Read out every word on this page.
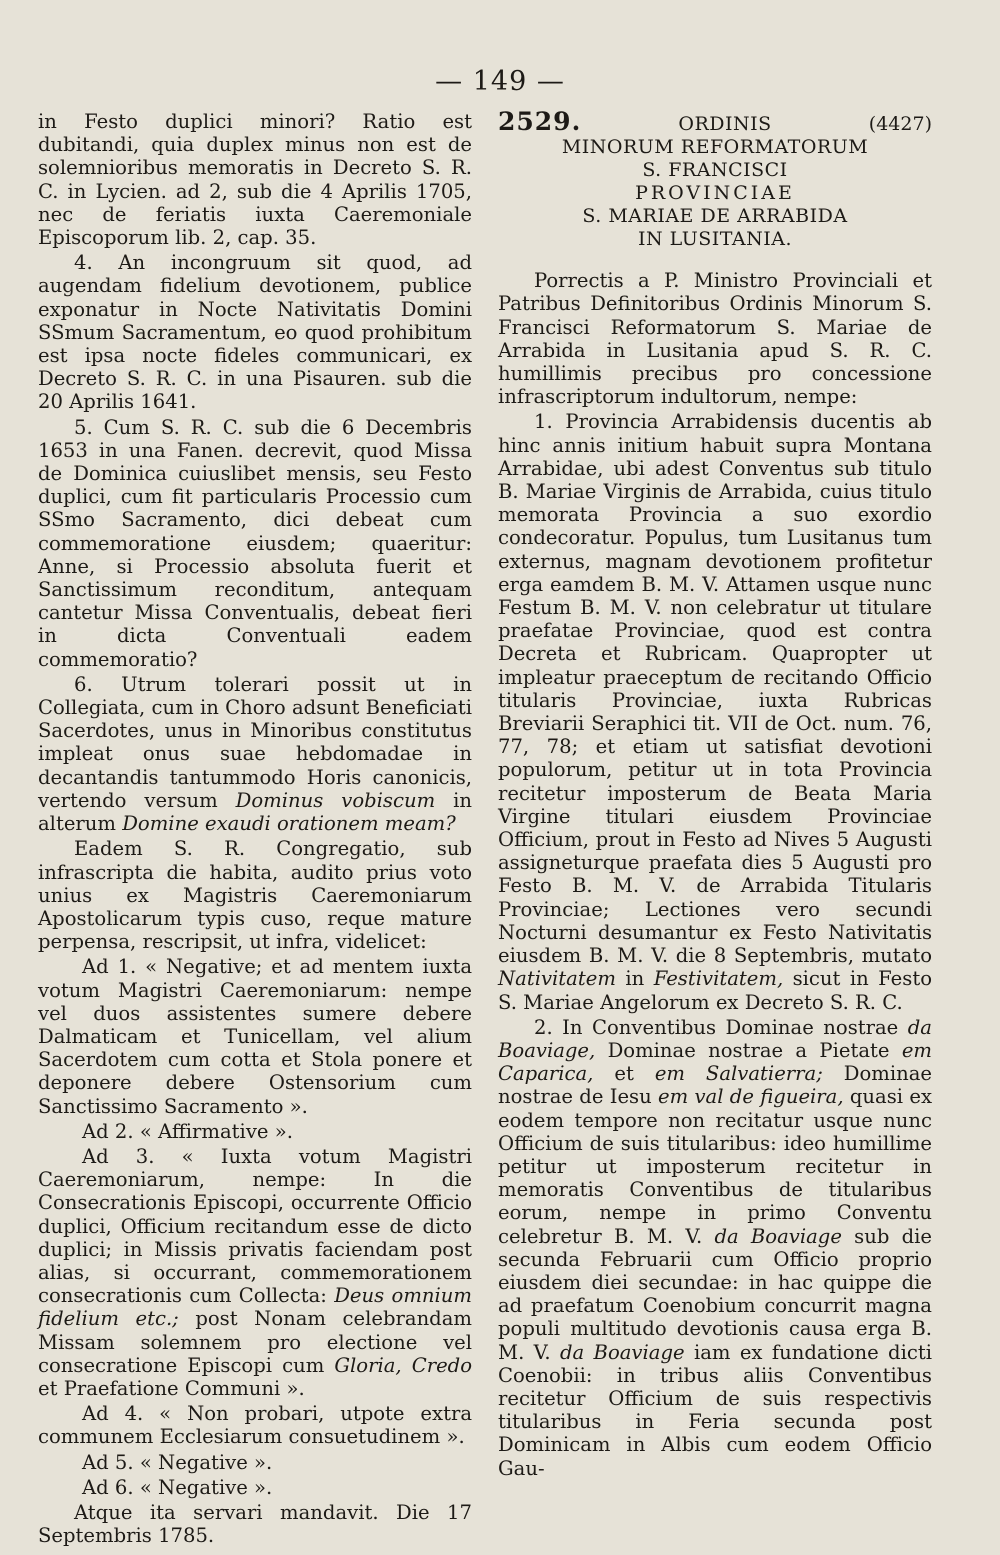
— 149 —

in Festo duplici minori? Ratio est dubitandi, quia duplex minus non est de solemnioribus memoratis in Decreto S. R. C. in Lycien. ad 2, sub die 4 Aprilis 1705, nec de feriatis iuxta Caeremoniale Episcoporum lib. 2, cap. 35.

4. An incongruum sit quod, ad augendam fidelium devotionem, publice exponatur in Nocte Nativitatis Domini SSmum Sacramentum, eo quod prohibitum est ipsa nocte fideles communicari, ex Decreto S. R. C. in una Pisauren. sub die 20 Aprilis 1641.

5. Cum S. R. C. sub die 6 Decembris 1653 in una Fanen. decrevit, quod Missa de Dominica cuiuslibet mensis, seu Festo duplici, cum fit particularis Processio cum SSmo Sacramento, dici debeat cum commemoratione eiusdem; quaeritur: Anne, si Processio absoluta fuerit et Sanctissimum reconditum, antequam cantetur Missa Conventualis, debeat fieri in dicta Conventuali eadem commemoratio?

6. Utrum tolerari possit ut in Collegiata, cum in Choro adsunt Beneficiati Sacerdotes, unus in Minoribus constitutus impleat onus suae hebdomadae in decantandis tantummodo Horis canonicis, vertendo versum Dominus vobiscum in alterum Domine exaudi orationem meam?

Eadem S. R. Congregatio, sub infrascripta die habita, audito prius voto unius ex Magistris Caeremoniarum Apostolicarum typis cuso, reque mature perpensa, rescripsit, ut infra, videlicet:

Ad 1. « Negative; et ad mentem iuxta votum Magistri Caeremoniarum: nempe vel duos assistentes sumere debere Dalmaticam et Tunicellam, vel alium Sacerdotem cum cotta et Stola ponere et deponere debere Ostensorium cum Sanctissimo Sacramento ».

Ad 2. « Affirmative ».

Ad 3. « Iuxta votum Magistri Caeremoniarum, nempe: In die Consecrationis Episcopi, occurrente Officio duplici, Officium recitandum esse de dicto duplici; in Missis privatis faciendam post alias, si occurrant, commemorationem consecrationis cum Collecta: Deus omnium fidelium etc.; post Nonam celebrandam Missam solemnem pro electione vel consecratione Episcopi cum Gloria, Credo et Praefatione Communi ».

Ad 4. « Non probari, utpote extra communem Ecclesiarum consuetudinem ».

Ad 5. « Negative ».

Ad 6. « Negative ».

Atque ita servari mandavit. Die 17 Septembris 1785.

2529.	ORDINIS	(4427)
MINORUM REFORMATORUM
S. FRANCISCI
PROVINCIAE
S. MARIAE DE ARRABIDA
IN LUSITANIA.

Porrectis a P. Ministro Provinciali et Patribus Definitoribus Ordinis Minorum S. Francisci Reformatorum S. Mariae de Arrabida in Lusitania apud S. R. C. humillimis precibus pro concessione infrascriptorum indultorum, nempe:

1. Provincia Arrabidensis ducentis ab hinc annis initium habuit supra Montana Arrabidae, ubi adest Conventus sub titulo B. Mariae Virginis de Arrabida, cuius titulo memorata Provincia a suo exordio condecoratur. Populus, tum Lusitanus tum externus, magnam devotionem profitetur erga eamdem B. M. V. Attamen usque nunc Festum B. M. V. non celebratur ut titulare praefatae Provinciae, quod est contra Decreta et Rubricam. Quapropter ut impleatur praeceptum de recitando Officio titularis Provinciae, iuxta Rubricas Breviarii Seraphici tit. VII de Oct. num. 76, 77, 78; et etiam ut satisfiat devotioni populorum, petitur ut in tota Provincia recitetur imposterum de Beata Maria Virgine titulari eiusdem Provinciae Officium, prout in Festo ad Nives 5 Augusti assigneturque praefata dies 5 Augusti pro Festo B. M. V. de Arrabida Titularis Provinciae; Lectiones vero secundi Nocturni desumantur ex Festo Nativitatis eiusdem B. M. V. die 8 Septembris, mutato Nativitatem in Festivitatem, sicut in Festo S. Mariae Angelorum ex Decreto S. R. C.

2. In Conventibus Dominae nostrae da Boaviage, Dominae nostrae a Pietate em Caparica, et em Salvatierra; Dominae nostrae de Iesu em val de figueira, quasi ex eodem tempore non recitatur usque nunc Officium de suis titularibus: ideo humillime petitur ut imposterum recitetur in memoratis Conventibus de titularibus eorum, nempe in primo Conventu celebretur B. M. V. da Boaviage sub die secunda Februarii cum Officio proprio eiusdem diei secundae: in hac quippe die ad praefatum Coenobium concurrit magna populi multitudo devotionis causa erga B. M. V. da Boaviage iam ex fundatione dicti Coenobii: in tribus aliis Conventibus recitetur Officium de suis respectivis titularibus in Feria secunda post Dominicam in Albis cum eodem Officio Gau-
